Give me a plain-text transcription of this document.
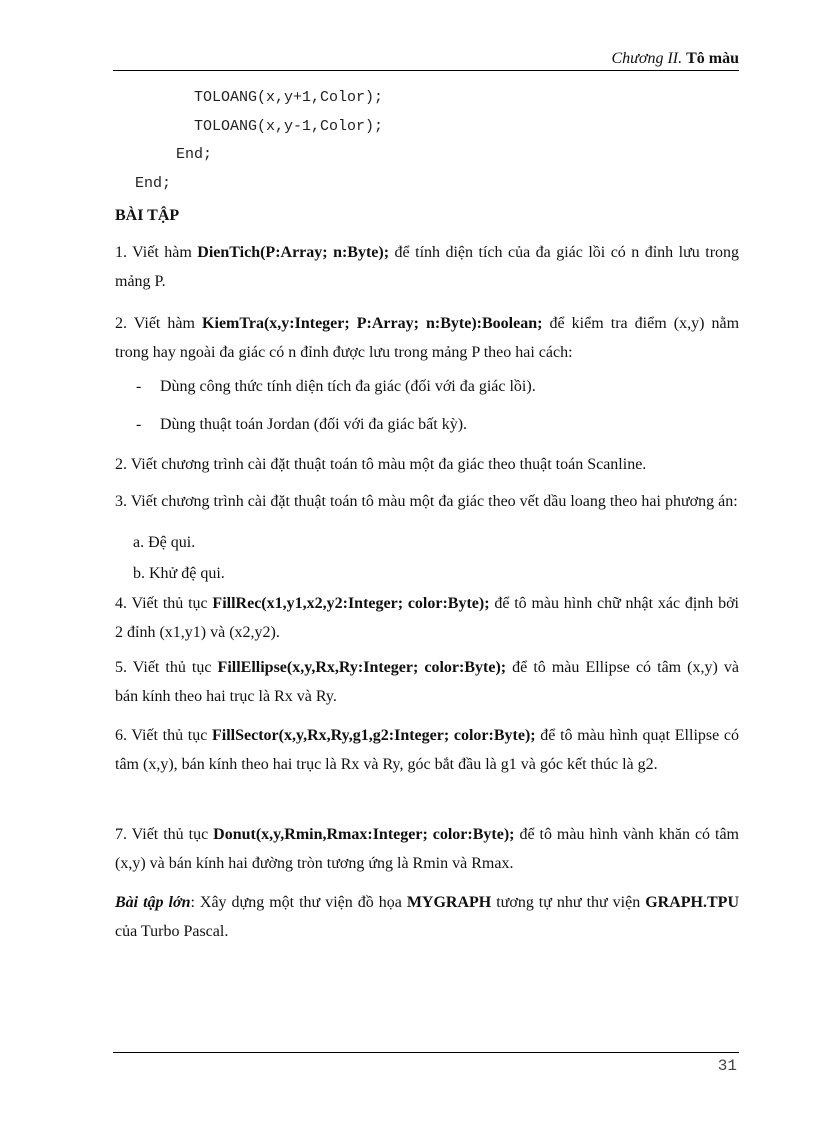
Chương II. Tô màu
TOLOANG(x,y+1,Color);
TOLOANG(x,y-1,Color);
End;
End;

BÀI TẬP

1. Viết hàm DienTich(P:Array; n:Byte); để tính diện tích của đa giác lồi có n đỉnh lưu trong mảng P.

2. Viết hàm KiemTra(x,y:Integer; P:Array; n:Byte):Boolean; để kiểm tra điểm (x,y) nằm trong hay ngoài đa giác có n đỉnh được lưu trong mảng P theo hai cách:

- Dùng công thức tính diện tích đa giác (đối với đa giác lồi).
- Dùng thuật toán Jordan (đối với đa giác bất kỳ).

2. Viết chương trình cài đặt thuật toán tô màu một đa giác theo thuật toán Scanline.

3. Viết chương trình cài đặt thuật toán tô màu một đa giác theo vết dầu loang theo hai phương án:

a. Đệ qui.
b. Khử đệ qui.

4. Viết thủ tục FillRec(x1,y1,x2,y2:Integer; color:Byte); để tô màu hình chữ nhật xác định bởi 2 đỉnh (x1,y1) và (x2,y2).

5. Viết thủ tục FillEllipse(x,y,Rx,Ry:Integer; color:Byte); để tô màu Ellipse có tâm (x,y) và bán kính theo hai trục là Rx và Ry.

6. Viết thủ tục FillSector(x,y,Rx,Ry,g1,g2:Integer; color:Byte); để tô màu hình quạt Ellipse có tâm (x,y), bán kính theo hai trục là Rx và Ry, góc bắt đầu là g1 và góc kết thúc là g2.

7. Viết thủ tục Donut(x,y,Rmin,Rmax:Integer; color:Byte); để tô màu hình vành khăn có tâm (x,y) và bán kính hai đường tròn tương ứng là Rmin và Rmax.

Bài tập lớn: Xây dựng một thư viện đồ họa MYGRAPH tương tự như thư viện GRAPH.TPU của Turbo Pascal.

31
